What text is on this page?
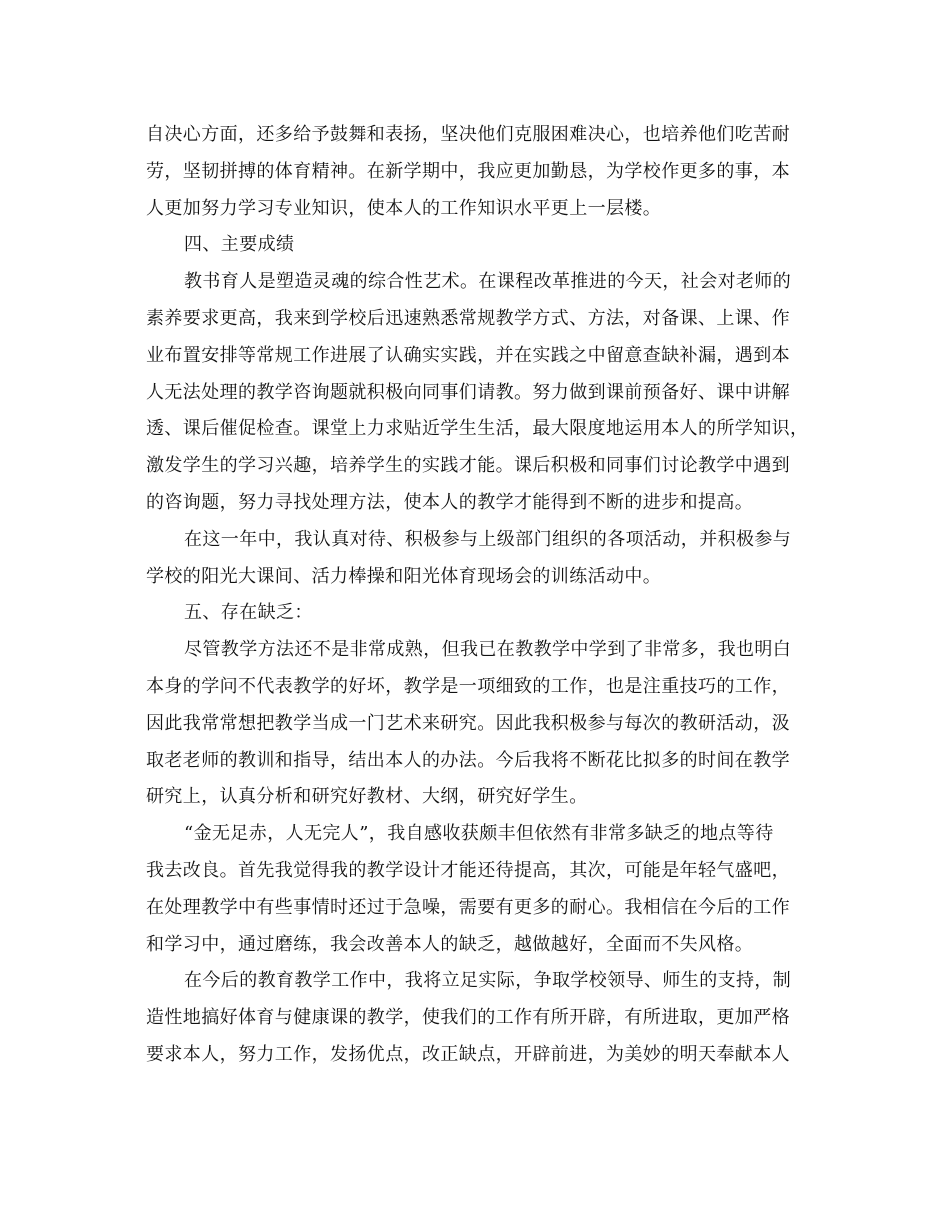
自决心方面，还多给予鼓舞和表扬，坚决他们克服困难决心，也培养他们吃苦耐
劳，坚韧拼搏的体育精神。在新学期中，我应更加勤恳，为学校作更多的事，本
人更加努力学习专业知识，使本人的工作知识水平更上一层楼。
四、主要成绩
教书育人是塑造灵魂的综合性艺术。在课程改革推进的今天，社会对老师的
素养要求更高，我来到学校后迅速熟悉常规教学方式、方法，对备课、上课、作
业布置安排等常规工作进展了认确实实践，并在实践之中留意查缺补漏，遇到本
人无法处理的教学咨询题就积极向同事们请教。努力做到课前预备好、课中讲解
透、课后催促检查。课堂上力求贴近学生生活，最大限度地运用本人的所学知识，
激发学生的学习兴趣，培养学生的实践才能。课后积极和同事们讨论教学中遇到
的咨询题，努力寻找处理方法，使本人的教学才能得到不断的进步和提高。
在这一年中，我认真对待、积极参与上级部门组织的各项活动，并积极参与
学校的阳光大课间、活力棒操和阳光体育现场会的训练活动中。
五、存在缺乏：
尽管教学方法还不是非常成熟，但我已在教教学中学到了非常多，我也明白
本身的学问不代表教学的好坏，教学是一项细致的工作，也是注重技巧的工作，
因此我常常想把教学当成一门艺术来研究。因此我积极参与每次的教研活动，汲
取老老师的教训和指导，结出本人的办法。今后我将不断花比拟多的时间在教学
研究上，认真分析和研究好教材、大纲，研究好学生。
“金无足赤，人无完人”，我自感收获颇丰但依然有非常多缺乏的地点等待
我去改良。首先我觉得我的教学设计才能还待提高，其次，可能是年轻气盛吧，
在处理教学中有些事情时还过于急噪，需要有更多的耐心。我相信在今后的工作
和学习中，通过磨练，我会改善本人的缺乏，越做越好，全面而不失风格。
在今后的教育教学工作中，我将立足实际，争取学校领导、师生的支持，制
造性地搞好体育与健康课的教学，使我们的工作有所开辟，有所进取，更加严格
要求本人，努力工作，发扬优点，改正缺点，开辟前进，为美妙的明天奉献本人
